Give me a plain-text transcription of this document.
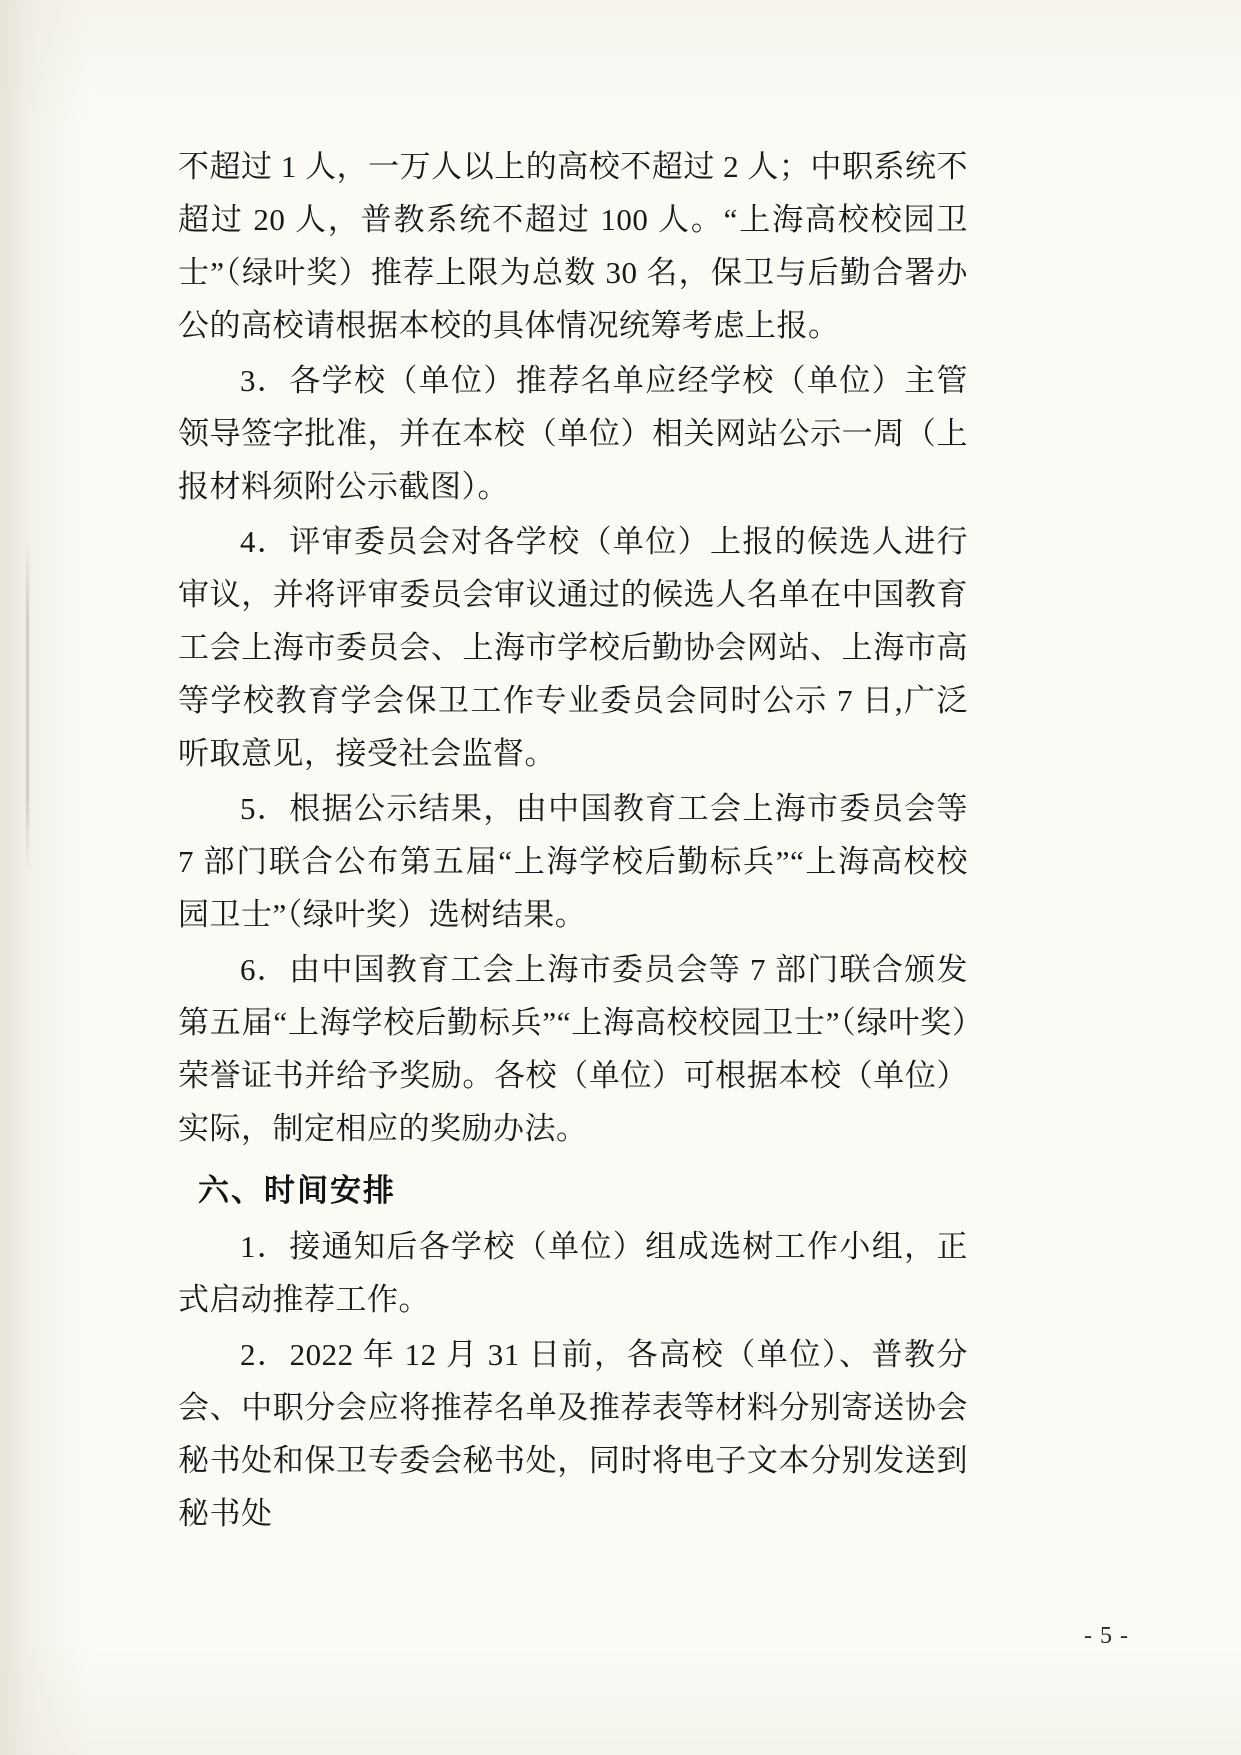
不超过 1 人，一万人以上的高校不超过 2 人；中职系统不超过 20 人，普教系统不超过 100 人。“上海高校校园卫士”（绿叶奖）推荐上限为总数 30 名，保卫与后勤合署办公的高校请根据本校的具体情况统筹考虑上报。

3．各学校（单位）推荐名单应经学校（单位）主管领导签字批准，并在本校（单位）相关网站公示一周（上报材料须附公示截图）。

4．评审委员会对各学校（单位）上报的候选人进行审议，并将评审委员会审议通过的候选人名单在中国教育工会上海市委员会、上海市学校后勤协会网站、上海市高等学校教育学会保卫工作专业委员会同时公示 7 日,广泛听取意见，接受社会监督。

5．根据公示结果，由中国教育工会上海市委员会等 7 部门联合公布第五届“上海学校后勤标兵”“上海高校校园卫士”（绿叶奖）选树结果。

6．由中国教育工会上海市委员会等 7 部门联合颁发第五届“上海学校后勤标兵”“上海高校校园卫士”（绿叶奖）荣誉证书并给予奖励。各校（单位）可根据本校（单位）实际，制定相应的奖励办法。

六、时间安排

1．接通知后各学校（单位）组成选树工作小组，正式启动推荐工作。

2．2022 年 12 月 31 日前，各高校（单位）、普教分会、中职分会应将推荐名单及推荐表等材料分别寄送协会秘书处和保卫专委会秘书处，同时将电子文本分别发送到秘书处

- 5 -
